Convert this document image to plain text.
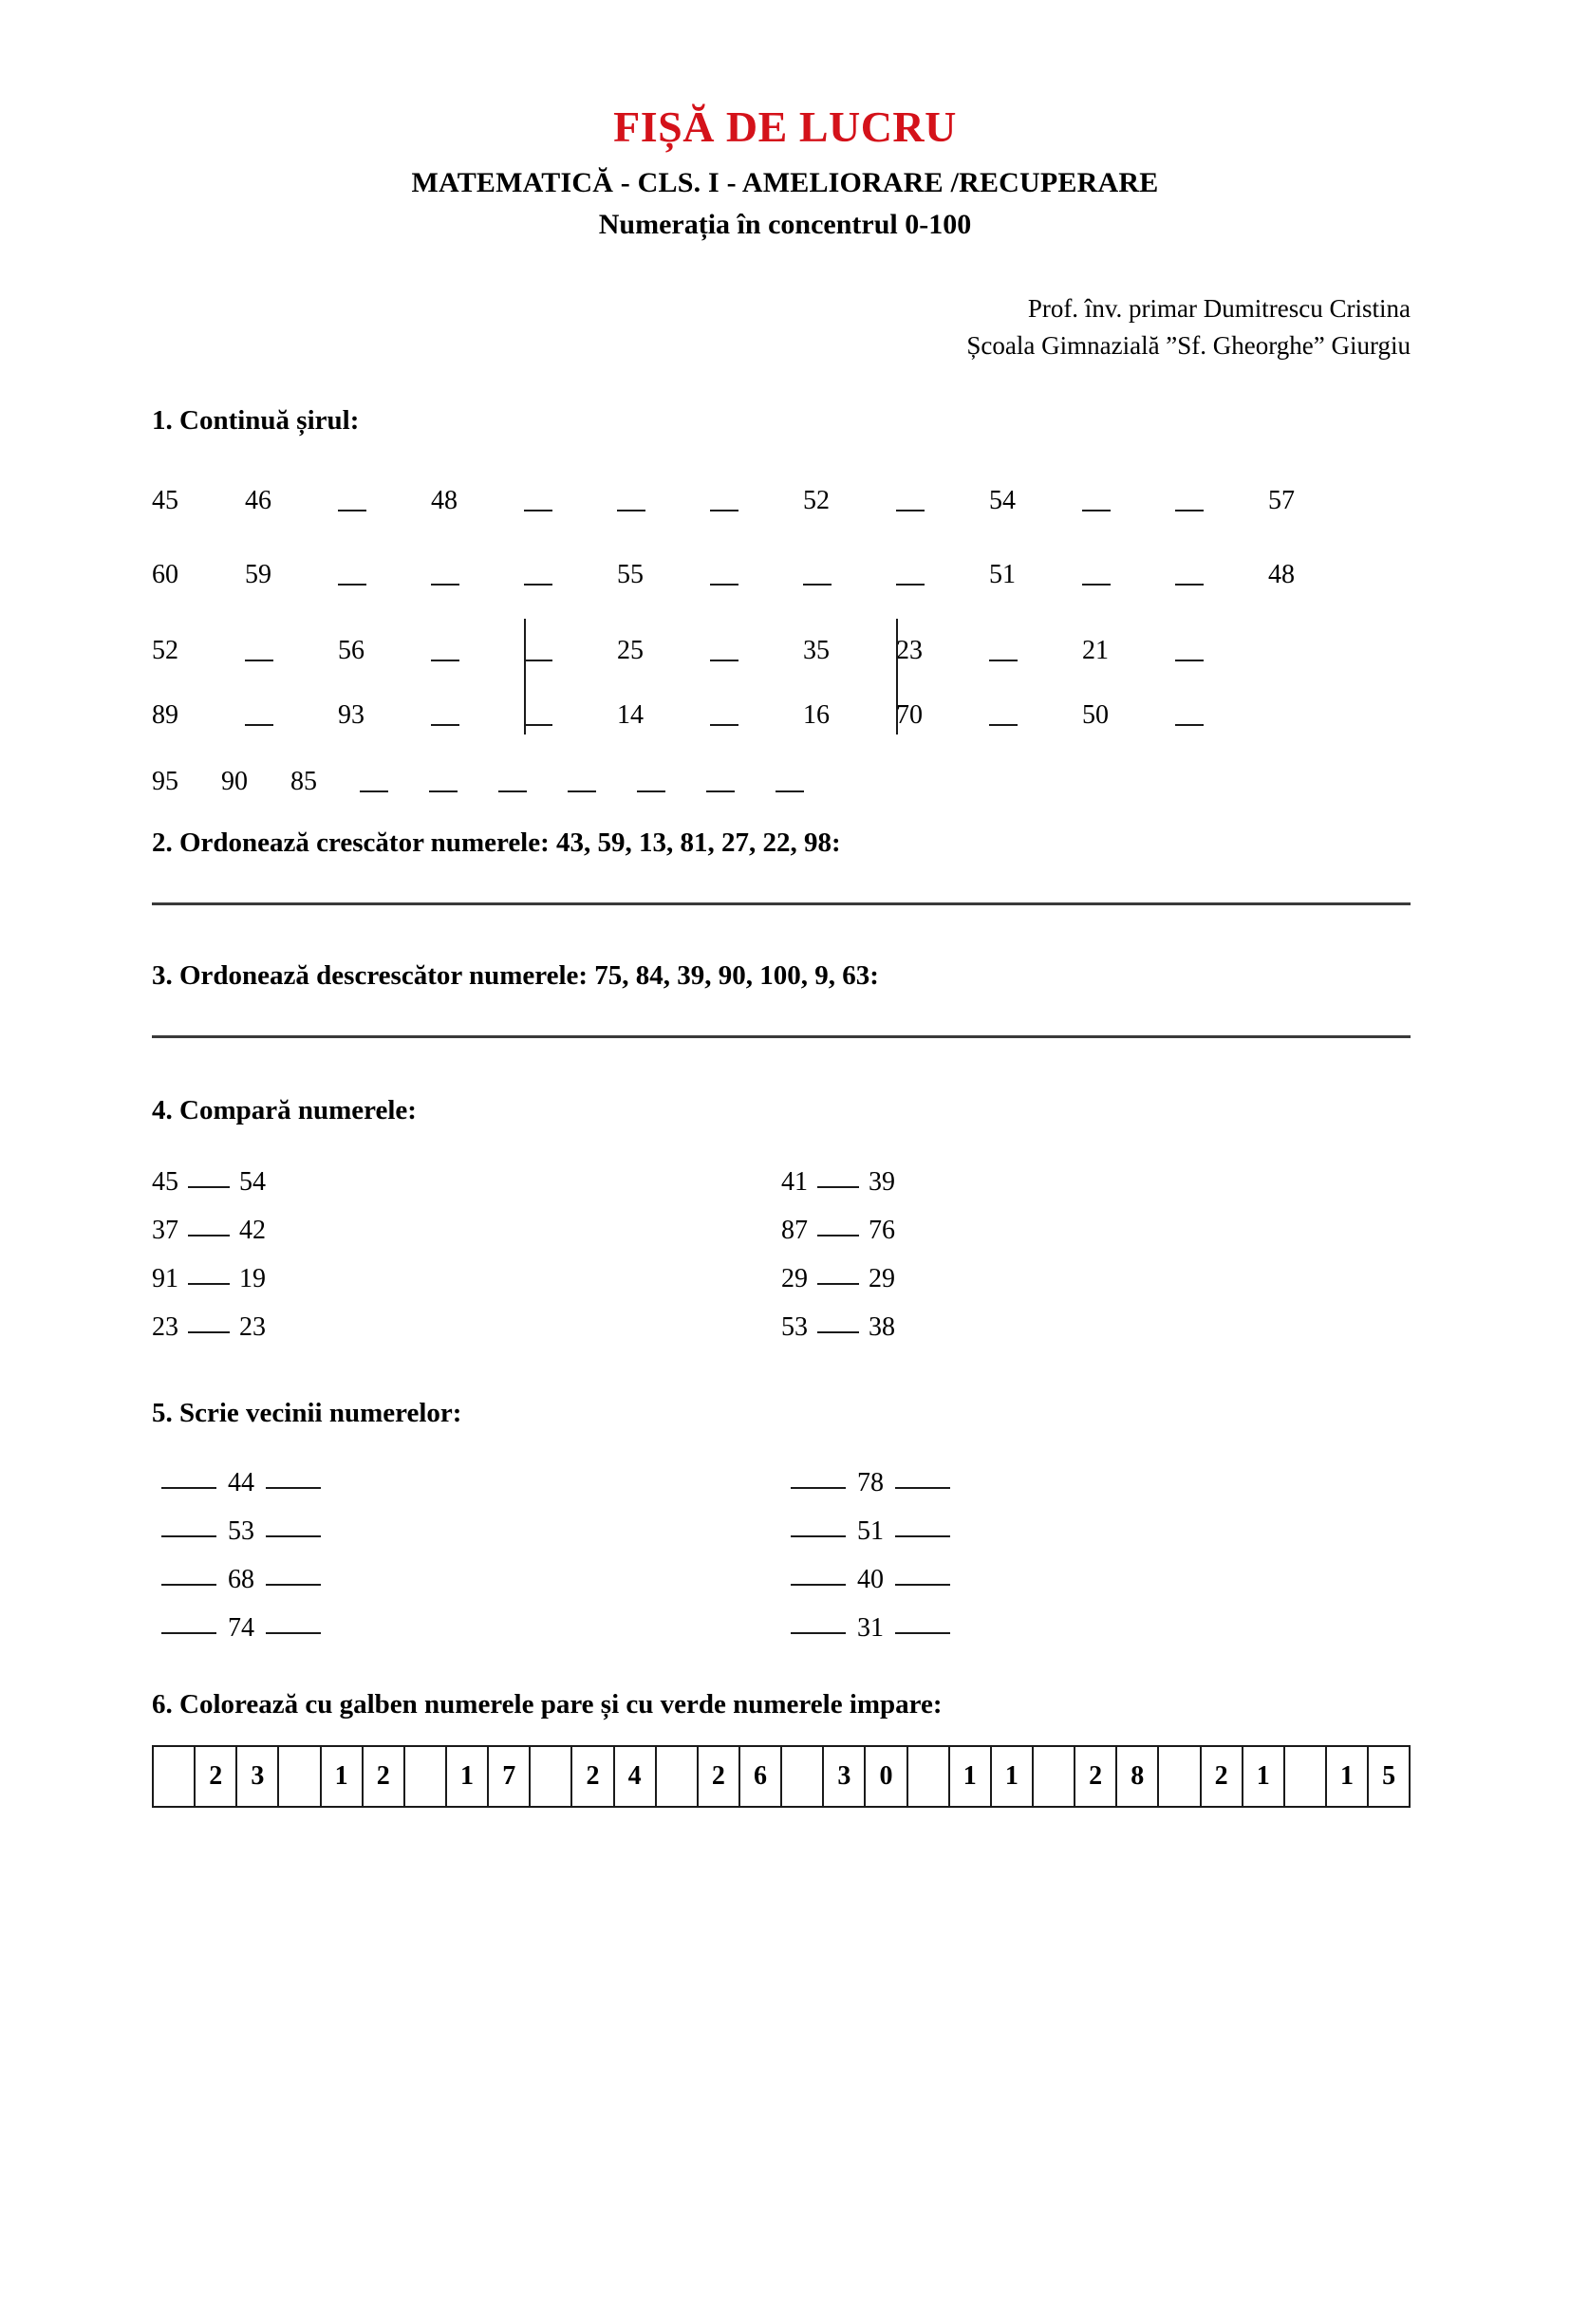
FIȘĂ DE LUCRU
MATEMATICĂ - CLS. I - AMELIORARE /RECUPERARE
Numerația în concentrul 0-100
Prof. înv. primar Dumitrescu Cristina
Școala Gimnazială ”Sf. Gheorghe” Giurgiu
1. Continuă șirul:
45	46	48	52	54	57
60	59	55	51	48
52	56	25	35	23	21
89	93	14	16	70	50
95	90	85
2. Ordonează crescător numerele: 43, 59, 13, 81, 27, 22, 98:
3. Ordonează descrescător numerele: 75, 84, 39, 90, 100, 9, 63:
4. Compară numerele:
45 54	41 39
37 42	87 76
91 19	29 29
23 23	53 38
5. Scrie vecinii numerelor:
44	78
53	51
68	40
74	31
6. Colorează cu galben numerele pare și cu verde numerele impare:
2	3	1	2	1	7	2	4	2	6	3	0	1	1	2	8	2	1	1	5
